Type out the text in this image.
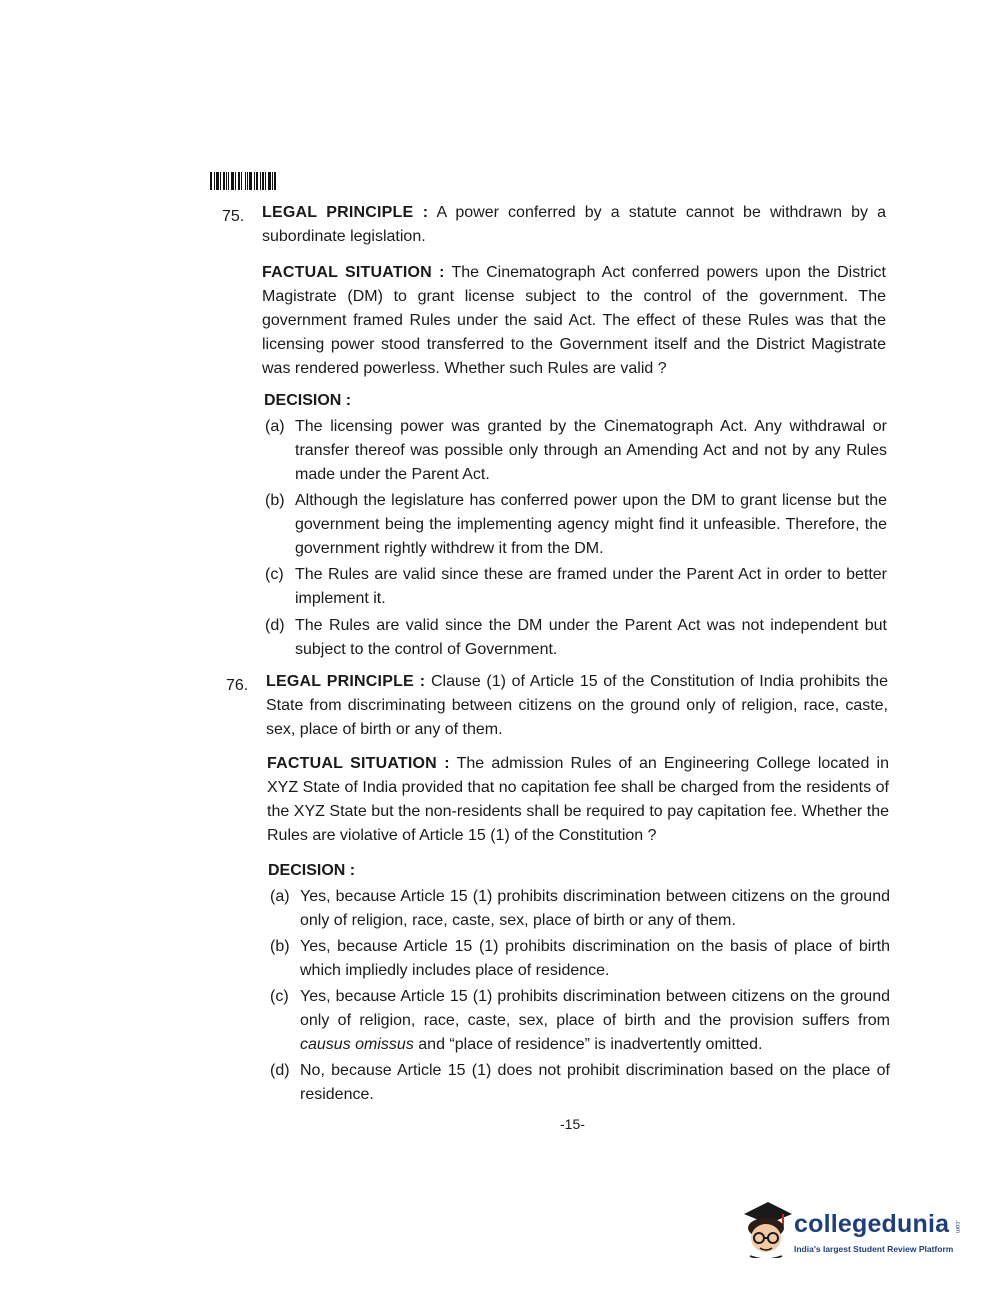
75. LEGAL PRINCIPLE : A power conferred by a statute cannot be withdrawn by a subordinate legislation.
FACTUAL SITUATION : The Cinematograph Act conferred powers upon the District Magistrate (DM) to grant license subject to the control of the government. The government framed Rules under the said Act. The effect of these Rules was that the licensing power stood transferred to the Government itself and the District Magistrate was rendered powerless. Whether such Rules are valid ?
DECISION :
(a) The licensing power was granted by the Cinematograph Act. Any withdrawal or transfer thereof was possible only through an Amending Act and not by any Rules made under the Parent Act.
(b) Although the legislature has conferred power upon the DM to grant license but the government being the implementing agency might find it unfeasible. Therefore, the government rightly withdrew it from the DM.
(c) The Rules are valid since these are framed under the Parent Act in order to better implement it.
(d) The Rules are valid since the DM under the Parent Act was not independent but subject to the control of Government.
76. LEGAL PRINCIPLE : Clause (1) of Article 15 of the Constitution of India prohibits the State from discriminating between citizens on the ground only of religion, race, caste, sex, place of birth or any of them.
FACTUAL SITUATION : The admission Rules of an Engineering College located in XYZ State of India provided that no capitation fee shall be charged from the residents of the XYZ State but the non-residents shall be required to pay capitation fee. Whether the Rules are violative of Article 15 (1) of the Constitution ?
DECISION :
(a) Yes, because Article 15 (1) prohibits discrimination between citizens on the ground only of religion, race, caste, sex, place of birth or any of them.
(b) Yes, because Article 15 (1) prohibits discrimination on the basis of place of birth which impliedly includes place of residence.
(c) Yes, because Article 15 (1) prohibits discrimination between citizens on the ground only of religion, race, caste, sex, place of birth and the provision suffers from causus omissus and “place of residence” is inadvertently omitted.
(d) No, because Article 15 (1) does not prohibit discrimination based on the place of residence.
-15-
collegedunia .com
India's largest Student Review Platform
